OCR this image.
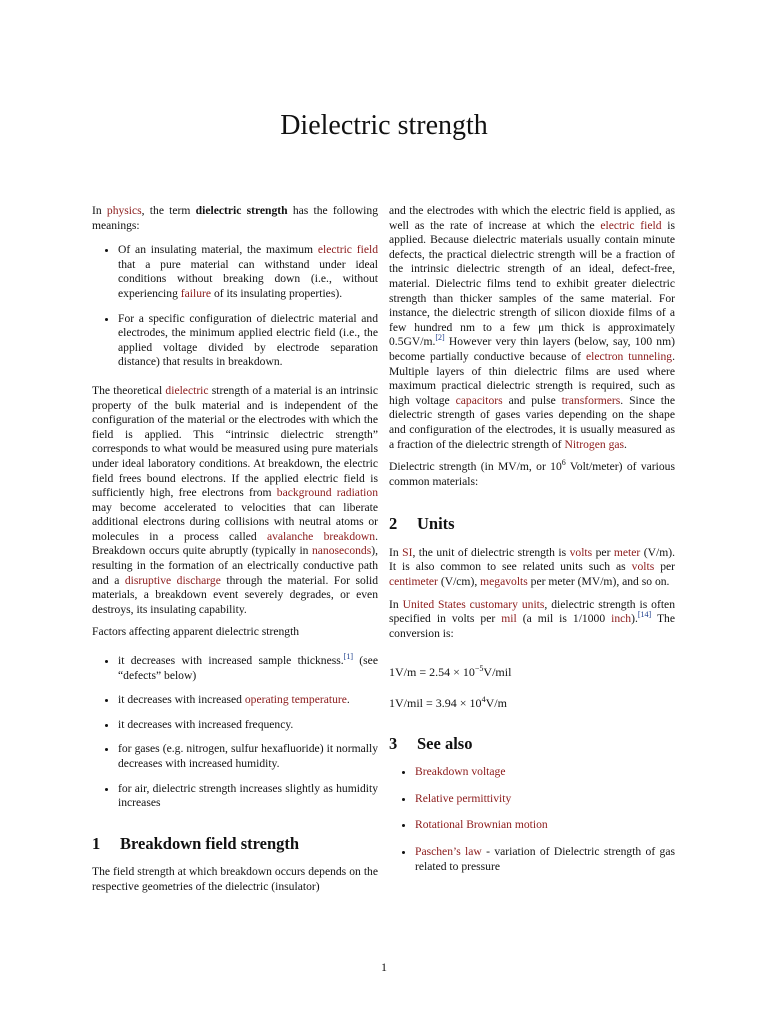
Dielectric strength

In physics, the term dielectric strength has the following meanings:

• Of an insulating material, the maximum electric field that a pure material can withstand under ideal conditions without breaking down (i.e., without experiencing failure of its insulating properties).
• For a specific configuration of dielectric material and electrodes, the minimum applied electric field (i.e., the applied voltage divided by electrode separation distance) that results in breakdown.

The theoretical dielectric strength of a material is an intrinsic property of the bulk material and is independent of the configuration of the material or the electrodes with which the field is applied. This “intrinsic dielectric strength” corresponds to what would be measured using pure materials under ideal laboratory conditions. At breakdown, the electric field frees bound electrons. If the applied electric field is sufficiently high, free electrons from background radiation may become accelerated to velocities that can liberate additional electrons during collisions with neutral atoms or molecules in a process called avalanche breakdown. Breakdown occurs quite abruptly (typically in nanoseconds), resulting in the formation of an electrically conductive path and a disruptive discharge through the material. For solid materials, a breakdown event severely degrades, or even destroys, its insulating capability.

Factors affecting apparent dielectric strength

• it decreases with increased sample thickness.[1] (see “defects” below)
• it decreases with increased operating temperature.
• it decreases with increased frequency.
• for gases (e.g. nitrogen, sulfur hexafluoride) it normally decreases with increased humidity.
• for air, dielectric strength increases slightly as humidity increases
1 Breakdown field strength

The field strength at which breakdown occurs depends on the respective geometries of the dielectric (insulator)

and the electrodes with which the electric field is applied, as well as the rate of increase at which the electric field is applied. Because dielectric materials usually contain minute defects, the practical dielectric strength will be a fraction of the intrinsic dielectric strength of an ideal, defect-free, material. Dielectric films tend to exhibit greater dielectric strength than thicker samples of the same material. For instance, the dielectric strength of silicon dioxide films of a few hundred nm to a few μm thick is approximately 0.5GV/m.[2] However very thin layers (below, say, 100 nm) become partially conductive because of electron tunneling. Multiple layers of thin dielectric films are used where maximum practical dielectric strength is required, such as high voltage capacitors and pulse transformers. Since the dielectric strength of gases varies depending on the shape and configuration of the electrodes, it is usually measured as a fraction of the dielectric strength of Nitrogen gas.

Dielectric strength (in MV/m, or $10^6$ Volt/meter) of various common materials:

2 Units

In SI, the unit of dielectric strength is volts per meter (V/m). It is also common to see related units such as volts per centimeter (V/cm), megavolts per meter (MV/m), and so on.

In United States customary units, dielectric strength is often specified in volts per mil (a mil is 1/1000 inch).[14] The conversion is:

$1V/m = 2.54 \times 10^{-5}V$/mil
$1V/mil = 3.94 \times 10^4V/m$
3 See also
• Breakdown voltage
• Relative permittivity
• Rotational Brownian motion
• Paschen’s law - variation of Dielectric strength of gas related to pressure
1
